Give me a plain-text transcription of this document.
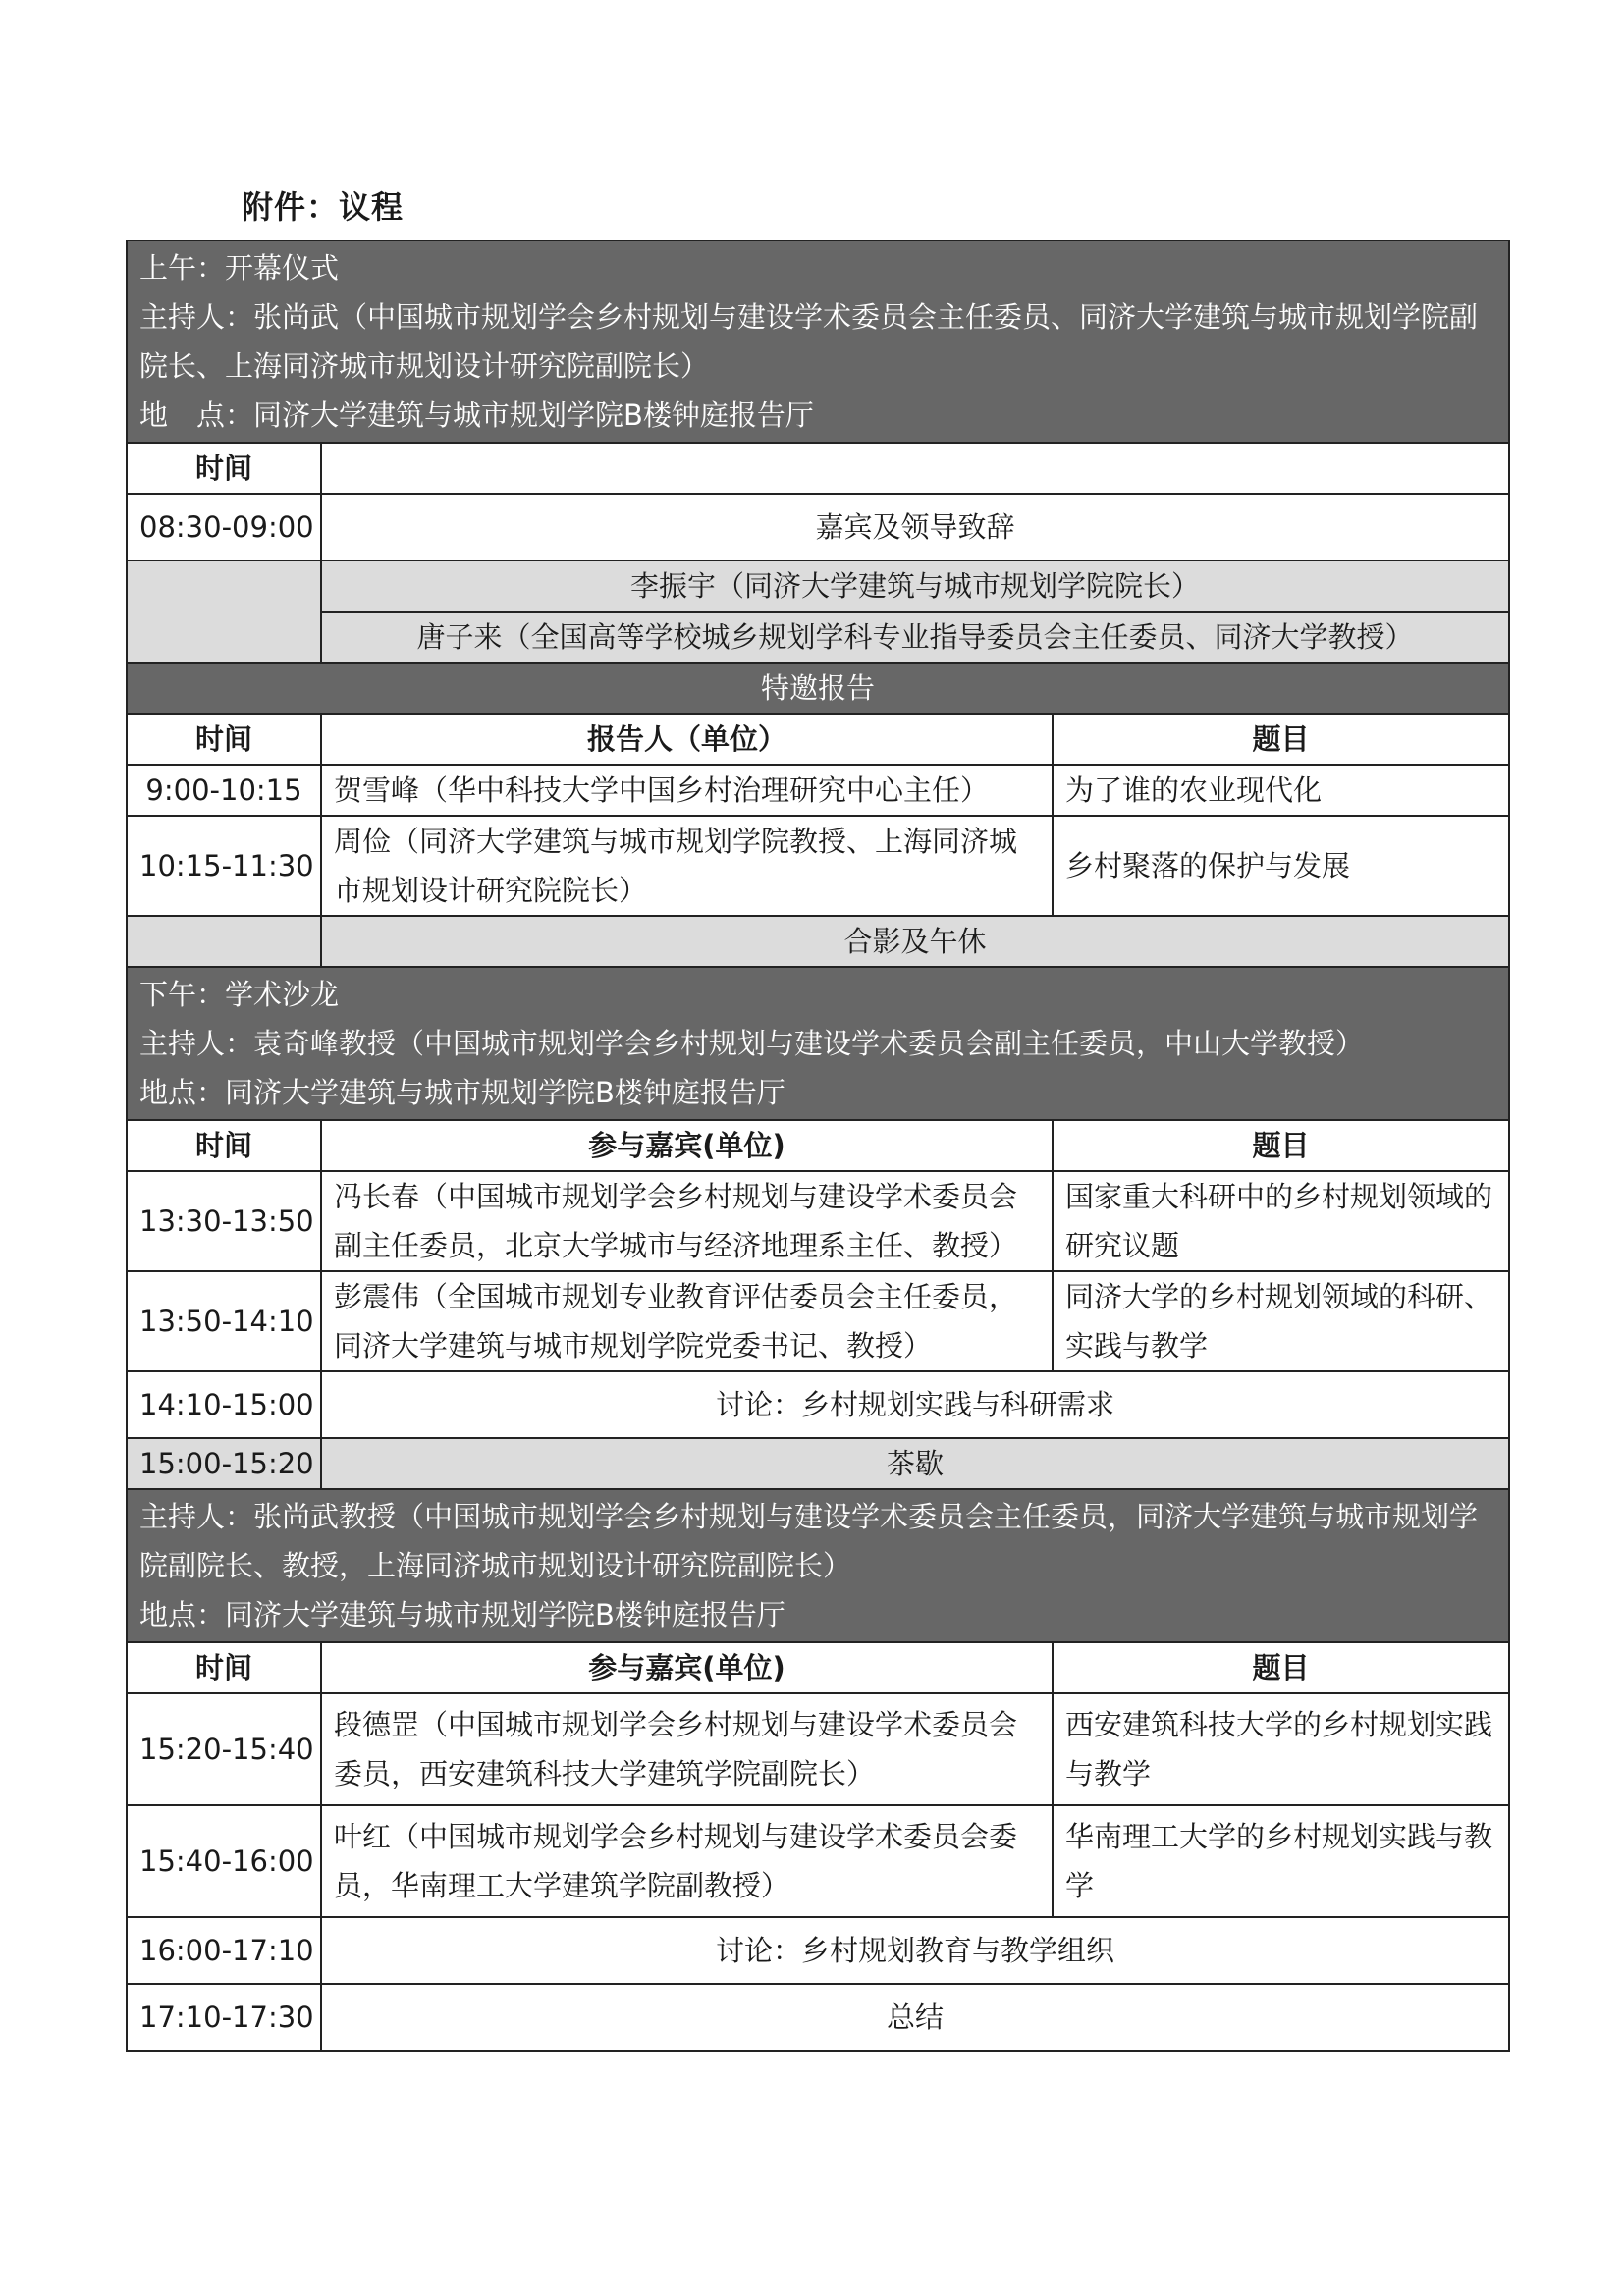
附件：议程
上午：开幕仪式
主持人：张尚武（中国城市规划学会乡村规划与建设学术委员会主任委员、同济大学建筑与城市规划学院副院长、上海同济城市规划设计研究院副院长）
地　点：同济大学建筑与城市规划学院B楼钟庭报告厅		

时间		
08:30-09:00	嘉宾及领导致辞	
	李振宇（同济大学建筑与城市规划学院院长）	
	唐子来（全国高等学校城乡规划学科专业指导委员会主任委员、同济大学教授）	
特邀报告		
时间	报告人（单位）	题目
9:00-10:15	贺雪峰（华中科技大学中国乡村治理研究中心主任）	为了谁的农业现代化
10:15-11:30	周俭（同济大学建筑与城市规划学院教授、上海同济城市规划设计研究院院长）	乡村聚落的保护与发展
	合影及午休	

下午：学术沙龙
主持人：袁奇峰教授（中国城市规划学会乡村规划与建设学术委员会副主任委员，中山大学教授）
地点：同济大学建筑与城市规划学院B楼钟庭报告厅		

时间	参与嘉宾(单位)	题目
13:30-13:50	冯长春（中国城市规划学会乡村规划与建设学术委员会副主任委员，北京大学城市与经济地理系主任、教授）	国家重大科研中的乡村规划领域的研究议题
13:50-14:10	彭震伟（全国城市规划专业教育评估委员会主任委员，同济大学建筑与城市规划学院党委书记、教授）	同济大学的乡村规划领域的科研、实践与教学
14:10-15:00	讨论：乡村规划实践与科研需求	
15:00-15:20	茶歇	

主持人：张尚武教授（中国城市规划学会乡村规划与建设学术委员会主任委员，同济大学建筑与城市规划学院副院长、教授，上海同济城市规划设计研究院副院长）
地点：同济大学建筑与城市规划学院B楼钟庭报告厅		

时间	参与嘉宾(单位)	题目
15:20-15:40	段德罡（中国城市规划学会乡村规划与建设学术委员会委员，西安建筑科技大学建筑学院副院长）	西安建筑科技大学的乡村规划实践与教学
15:40-16:00	叶红（中国城市规划学会乡村规划与建设学术委员会委员，华南理工大学建筑学院副教授）	华南理工大学的乡村规划实践与教学
16:00-17:10	讨论：乡村规划教育与教学组织	
17:10-17:30	总结	
